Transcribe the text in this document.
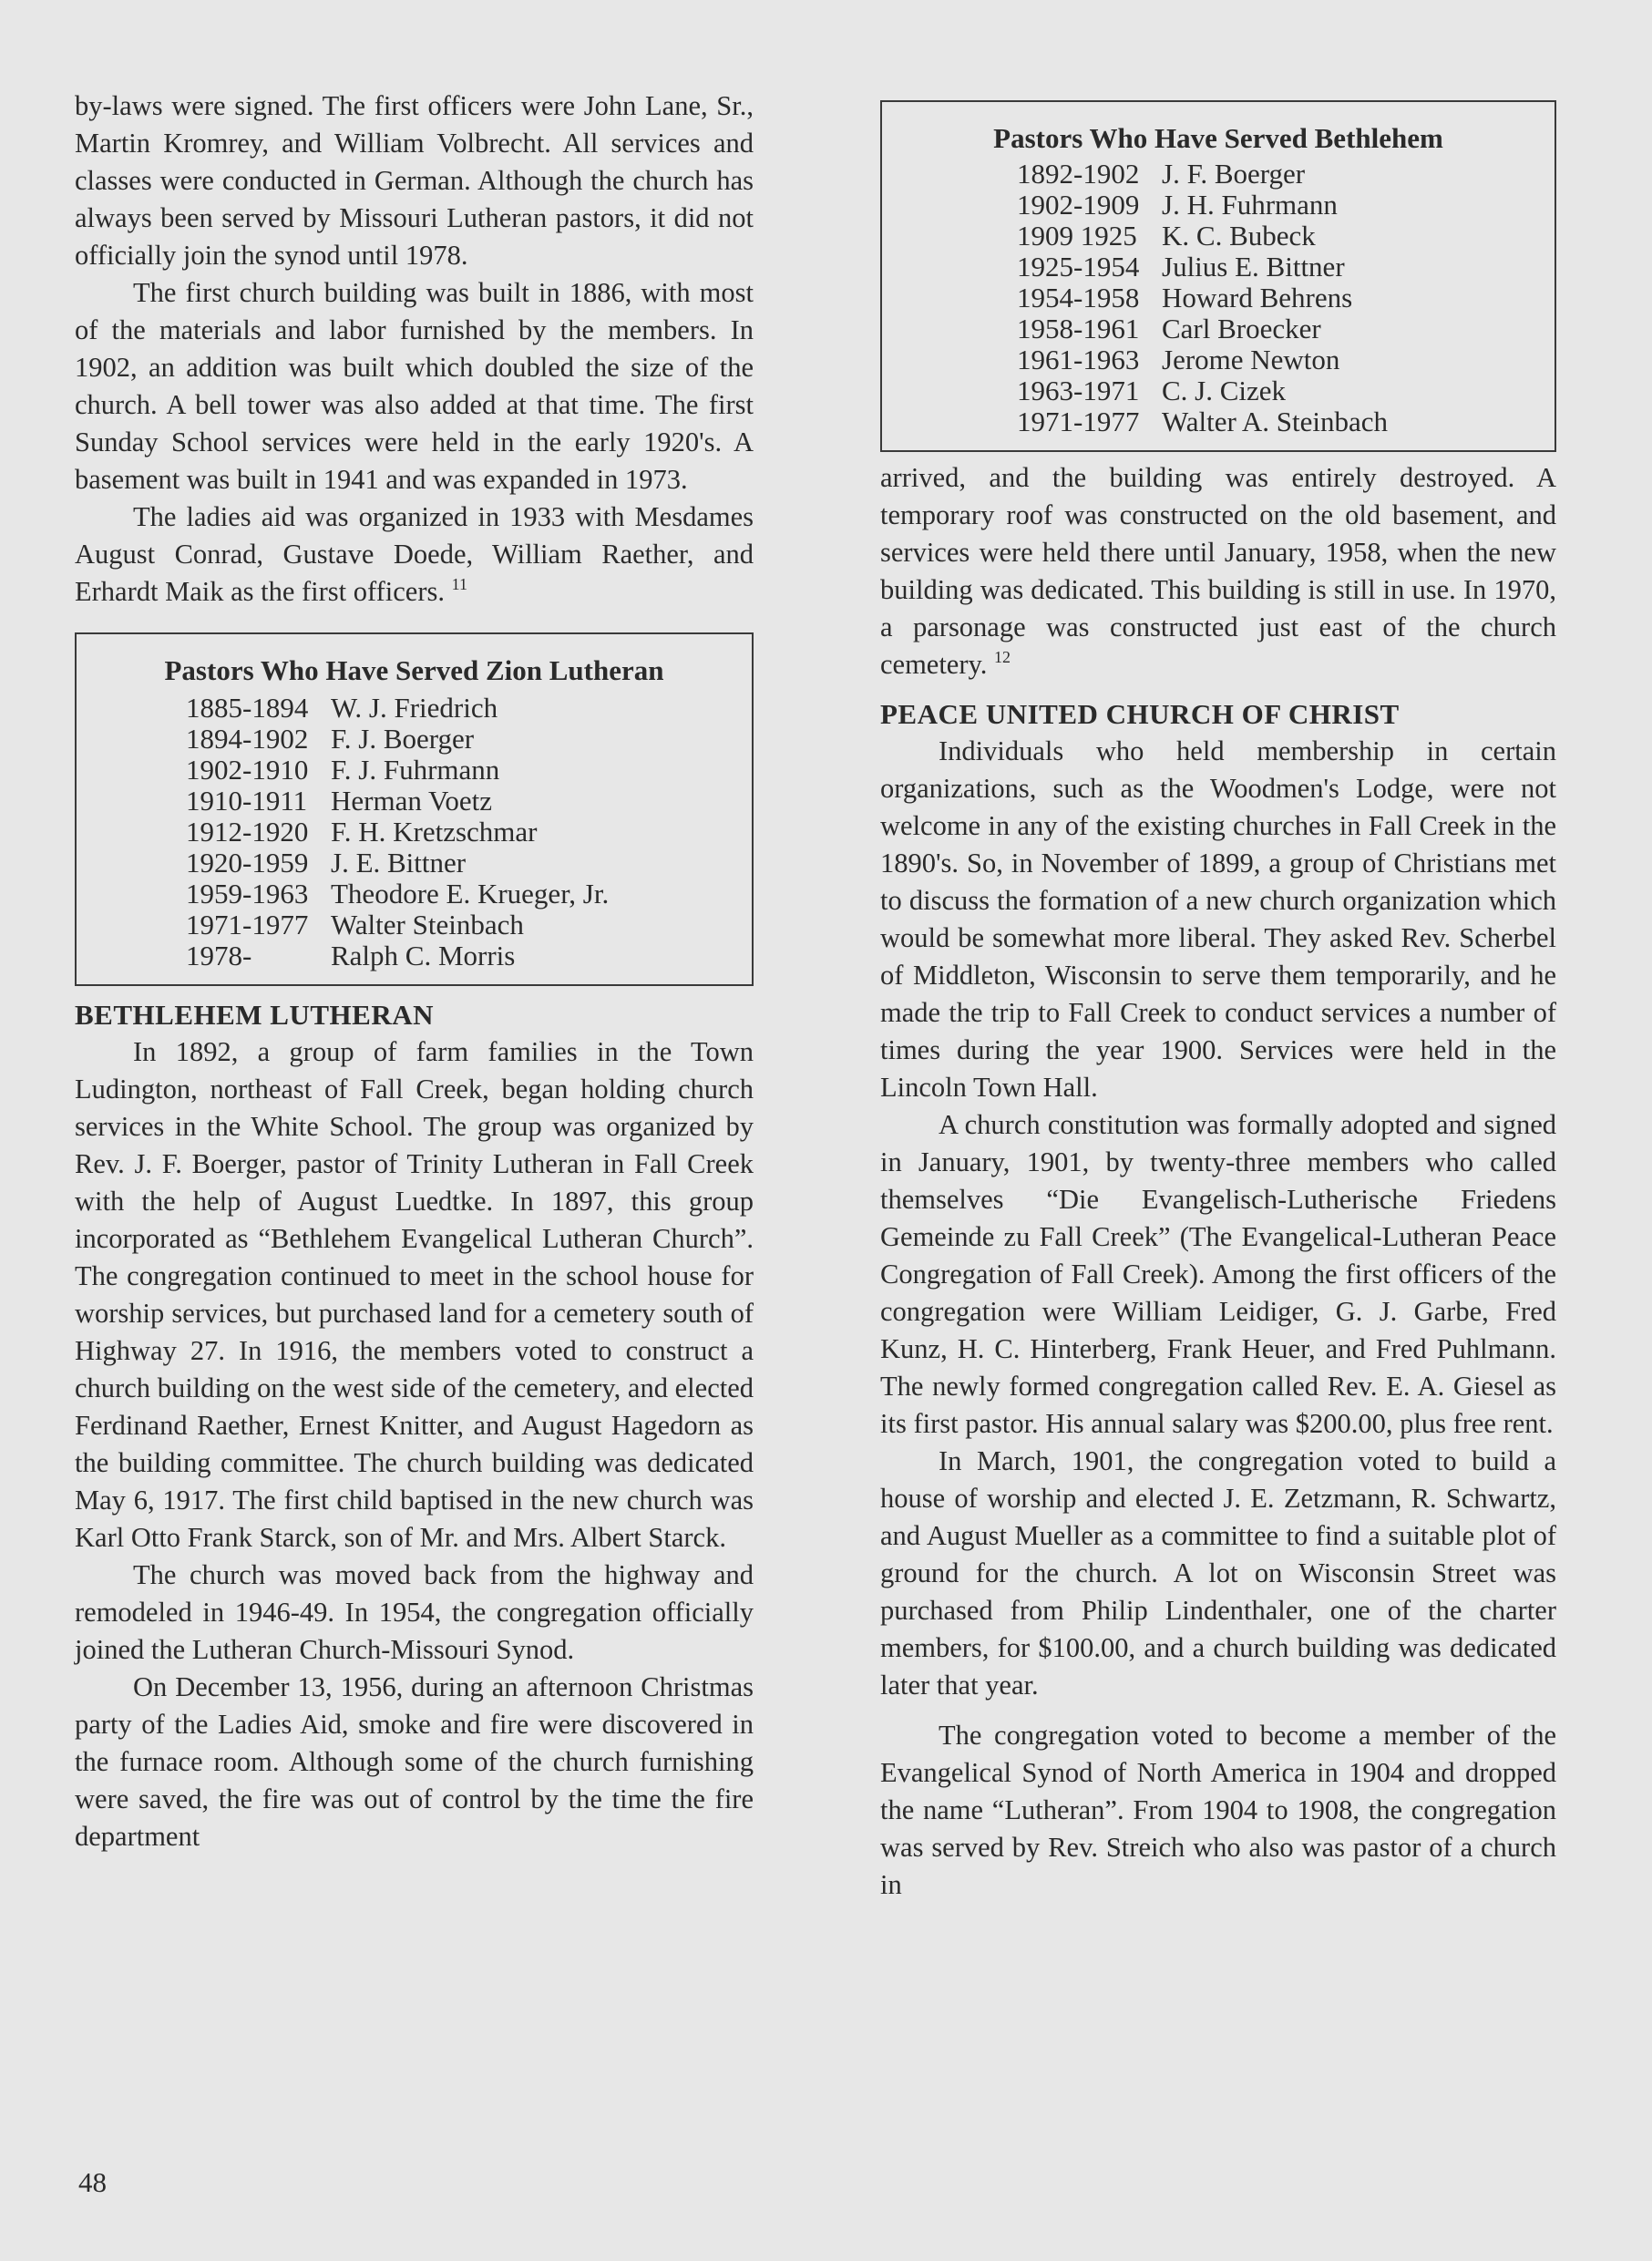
by-laws were signed. The first officers were John Lane, Sr., Martin Kromrey, and William Volbrecht. All services and classes were conducted in German. Although the church has always been served by Missouri Lutheran pastors, it did not officially join the synod until 1978.

The first church building was built in 1886, with most of the materials and labor furnished by the members. In 1902, an addition was built which doubled the size of the church. A bell tower was also added at that time. The first Sunday School services were held in the early 1920's. A basement was built in 1941 and was expanded in 1973.

The ladies aid was organized in 1933 with Mesdames August Conrad, Gustave Doede, William Raether, and Erhardt Maik as the first officers. $^{11}$

Pastors Who Have Served Zion Lutheran

1885-1894 W. J. Friedrich
1894-1902 F. J. Boerger
1902-1910 F. J. Fuhrmann
1910-1911 Herman Voetz
1912-1920 F. H. Kretzschmar
1920-1959 J. E. Bittner
1959-1963 Theodore E. Krueger, Jr.
1971-1977 Walter Steinbach
1978-	Ralph C. Morris
BETHLEHEM LUTHERAN

In 1892, a group of farm families in the Town Ludington, northeast of Fall Creek, began holding church services in the White School. The group was organized by Rev. J. F. Boerger, pastor of Trinity Lutheran in Fall Creek with the help of August Luedtke. In 1897, this group incorporated as “Bethlehem Evangelical Lutheran Church”. The congregation continued to meet in the school house for worship services, but purchased land for a cemetery south of Highway 27. In 1916, the members voted to construct a church building on the west side of the cemetery, and elected Ferdinand Raether, Ernest Knitter, and August Hagedorn as the building committee. The church building was dedicated May 6, 1917. The first child baptised in the new church was Karl Otto Frank Starck, son of Mr. and Mrs. Albert Starck.

The church was moved back from the highway and remodeled in 1946-49. In 1954, the congregation officially joined the Lutheran Church-Missouri Synod.

On December 13, 1956, during an afternoon Christmas party of the Ladies Aid, smoke and fire were discovered in the furnace room. Although some of the church furnishing were saved, the fire was out of control by the time the fire department

Pastors Who Have Served Bethlehem

1892-1902 J. F. Boerger
1902-1909 J. H. Fuhrmann
1909 1925 K. C. Bubeck
1925-1954 Julius E. Bittner
1954-1958 Howard Behrens
1958-1961 Carl Broecker
1961-1963 Jerome Newton
1963-1971 C. J. Cizek
1971-1977 Walter A. Steinbach

arrived, and the building was entirely destroyed. A temporary roof was constructed on the old basement, and services were held there until January, 1958, when the new building was dedicated. This building is still in use. In 1970, a parsonage was constructed just east of the church cemetery. $^{12}$

PEACE UNITED CHURCH OF CHRIST

Individuals who held membership in certain organizations, such as the Woodmen's Lodge, were not welcome in any of the existing churches in Fall Creek in the 1890's. So, in November of 1899, a group of Christians met to discuss the formation of a new church organization which would be somewhat more liberal. They asked Rev. Scherbel of Middleton, Wisconsin to serve them temporarily, and he made the trip to Fall Creek to conduct services a number of times during the year 1900. Services were held in the Lincoln Town Hall.

A church constitution was formally adopted and signed in January, 1901, by twenty-three members who called themselves “Die Evangelisch-Lutherische Friedens Gemeinde zu Fall Creek” (The Evangelical-Lutheran Peace Congregation of Fall Creek). Among the first officers of the congregation were William Leidiger, G. J. Garbe, Fred Kunz, H. C. Hinterberg, Frank Heuer, and Fred Puhlmann. The newly formed congregation called Rev. E. A. Giesel as its first pastor. His annual salary was $200.00, plus free rent.

In March, 1901, the congregation voted to build a house of worship and elected J. E. Zetzmann, R. Schwartz, and August Mueller as a committee to find a suitable plot of ground for the church. A lot on Wisconsin Street was purchased from Philip Lindenthaler, one of the charter members, for $100.00, and a church building was dedicated later that year.

The congregation voted to become a member of the Evangelical Synod of North America in 1904 and dropped the name “Lutheran”. From 1904 to 1908, the congregation was served by Rev. Streich who also was pastor of a church in

48
